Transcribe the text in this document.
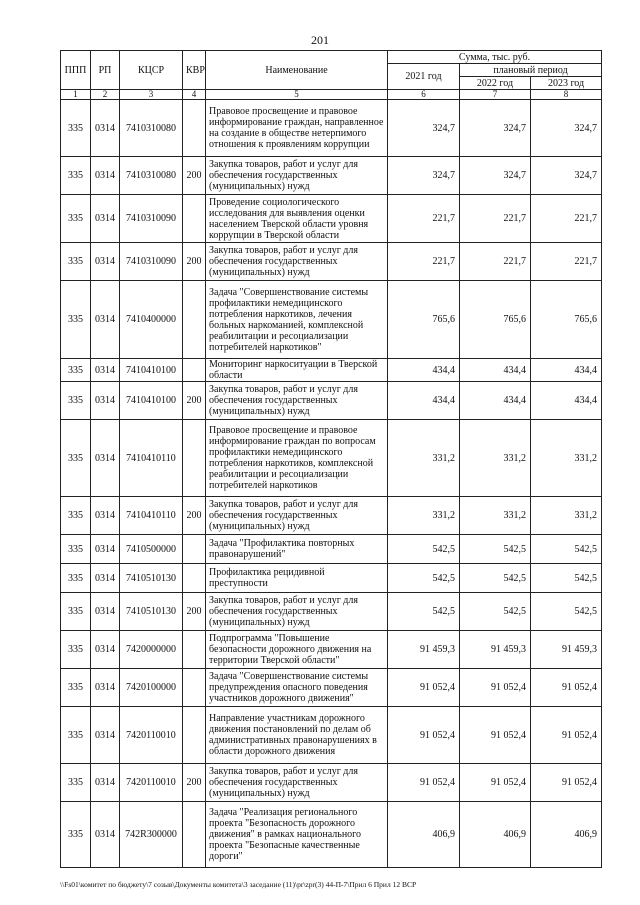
201
ППП	РП	КЦСР	КВР	Наименование	Сумма, тыс. руб.		
					2021 год	плановый период	
						2022 год	2023 год
1	2	3	4	5	6	7	8
335	0314	7410310080		Правовое просвещение и правовое информирование граждан, направленное на создание в обществе нетерпимого отношения к проявлениям коррупции	324,7	324,7	324,7
335	0314	7410310080	200	Закупка товаров, работ и услуг для обеспечения государственных (муниципальных) нужд	324,7	324,7	324,7
335	0314	7410310090		Проведение социологического исследования для выявления оценки населением Тверской области уровня коррупции в Тверской области	221,7	221,7	221,7
335	0314	7410310090	200	Закупка товаров, работ и услуг для обеспечения государственных (муниципальных) нужд	221,7	221,7	221,7
335	0314	7410400000		Задача "Совершенствование системы профилактики немедицинского потребления наркотиков, лечения больных наркоманией, комплексной реабилитации и ресоциализации потребителей наркотиков"	765,6	765,6	765,6
335	0314	7410410100		Мониторинг наркоситуации в Тверской области	434,4	434,4	434,4
335	0314	7410410100	200	Закупка товаров, работ и услуг для обеспечения государственных (муниципальных) нужд	434,4	434,4	434,4
335	0314	7410410110		Правовое просвещение и правовое информирование граждан по вопросам профилактики немедицинского потребления наркотиков, комплексной реабилитации и ресоциализации потребителей наркотиков	331,2	331,2	331,2
335	0314	7410410110	200	Закупка товаров, работ и услуг для обеспечения государственных (муниципальных) нужд	331,2	331,2	331,2
335	0314	7410500000		Задача "Профилактика повторных правонарушений"	542,5	542,5	542,5
335	0314	7410510130		Профилактика рецидивной преступности	542,5	542,5	542,5
335	0314	7410510130	200	Закупка товаров, работ и услуг для обеспечения государственных (муниципальных) нужд	542,5	542,5	542,5
335	0314	7420000000		Подпрограмма "Повышение безопасности дорожного движения на территории Тверской области"	91 459,3	91 459,3	91 459,3
335	0314	7420100000		Задача "Совершенствование системы предупреждения опасного поведения участников дорожного движения"	91 052,4	91 052,4	91 052,4
335	0314	7420110010		Направление участникам дорожного движения постановлений по делам об административных правонарушениях в области дорожного движения	91 052,4	91 052,4	91 052,4
335	0314	7420110010	200	Закупка товаров, работ и услуг для обеспечения государственных (муниципальных) нужд	91 052,4	91 052,4	91 052,4
335	0314	742R300000		Задача "Реализация регионального проекта "Безопасность дорожного движения" в рамках национального проекта "Безопасные качественные дороги"	406,9	406,9	406,9
\\Fs01\комитет по бюджету\7 созыв\Документы комитета\3 заседание (11)\pr\zpr(3) 44-П-7\Прил 6 Прил 12 ВСР
